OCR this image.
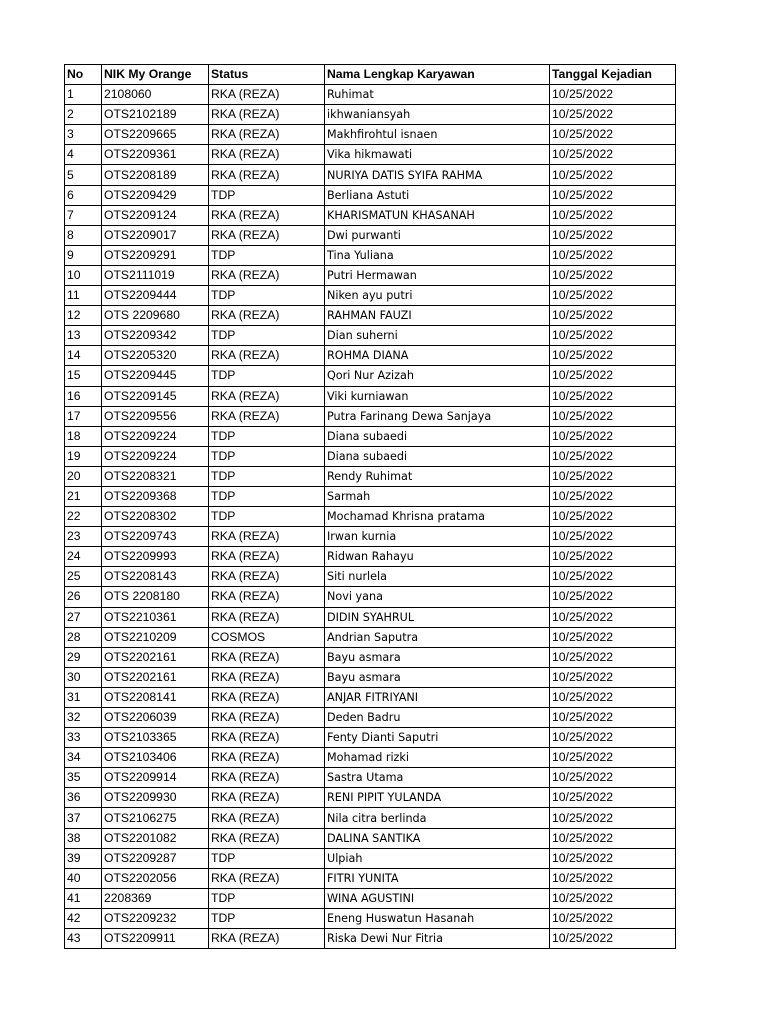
No	NIK My Orange	Status	Nama Lengkap Karyawan	Tanggal Kejadian
1	2108060	RKA (REZA)	Ruhimat	10/25/2022
2	OTS2102189	RKA (REZA)	ikhwaniansyah	10/25/2022
3	OTS2209665	RKA (REZA)	Makhfirohtul isnaen	10/25/2022
4	OTS2209361	RKA (REZA)	Vika hikmawati	10/25/2022
5	OTS2208189	RKA (REZA)	NURIYA DATIS SYIFA RAHMA	10/25/2022
6	OTS2209429	TDP	Berliana Astuti	10/25/2022
7	OTS2209124	RKA (REZA)	KHARISMATUN KHASANAH	10/25/2022
8	OTS2209017	RKA (REZA)	Dwi purwanti	10/25/2022
9	OTS2209291	TDP	Tina Yuliana	10/25/2022
10	OTS2111019	RKA (REZA)	Putri Hermawan	10/25/2022
11	OTS2209444	TDP	Niken ayu putri	10/25/2022
12	OTS 2209680	RKA (REZA)	RAHMAN FAUZI	10/25/2022
13	OTS2209342	TDP	Dian suherni	10/25/2022
14	OTS2205320	RKA (REZA)	ROHMA DIANA	10/25/2022
15	OTS2209445	TDP	Qori Nur Azizah	10/25/2022
16	OTS2209145	RKA (REZA)	Viki kurniawan	10/25/2022
17	OTS2209556	RKA (REZA)	Putra Farinang Dewa Sanjaya	10/25/2022
18	OTS2209224	TDP	Diana subaedi	10/25/2022
19	OTS2209224	TDP	Diana subaedi	10/25/2022
20	OTS2208321	TDP	Rendy Ruhimat	10/25/2022
21	OTS2209368	TDP	Sarmah	10/25/2022
22	OTS2208302	TDP	Mochamad Khrisna pratama	10/25/2022
23	OTS2209743	RKA (REZA)	Irwan kurnia	10/25/2022
24	OTS2209993	RKA (REZA)	Ridwan Rahayu	10/25/2022
25	OTS2208143	RKA (REZA)	Siti nurlela	10/25/2022
26	OTS 2208180	RKA (REZA)	Novi yana	10/25/2022
27	OTS2210361	RKA (REZA)	DIDIN SYAHRUL	10/25/2022
28	OTS2210209	COSMOS	Andrian Saputra	10/25/2022
29	OTS2202161	RKA (REZA)	Bayu asmara	10/25/2022
30	OTS2202161	RKA (REZA)	Bayu asmara	10/25/2022
31	OTS2208141	RKA (REZA)	ANJAR FITRIYANI	10/25/2022
32	OTS2206039	RKA (REZA)	Deden Badru	10/25/2022
33	OTS2103365	RKA (REZA)	Fenty Dianti Saputri	10/25/2022
34	OTS2103406	RKA (REZA)	Mohamad rizki	10/25/2022
35	OTS2209914	RKA (REZA)	Sastra Utama	10/25/2022
36	OTS2209930	RKA (REZA)	RENI PIPIT YULANDA	10/25/2022
37	OTS2106275	RKA (REZA)	Nila citra berlinda	10/25/2022
38	OTS2201082	RKA (REZA)	DALINA SANTIKA	10/25/2022
39	OTS2209287	TDP	Ulpiah	10/25/2022
40	OTS2202056	RKA (REZA)	FITRI YUNITA	10/25/2022
41	2208369	TDP	WINA AGUSTINI	10/25/2022
42	OTS2209232	TDP	Eneng Huswatun Hasanah	10/25/2022
43	OTS2209911	RKA (REZA)	Riska Dewi Nur Fitria	10/25/2022
